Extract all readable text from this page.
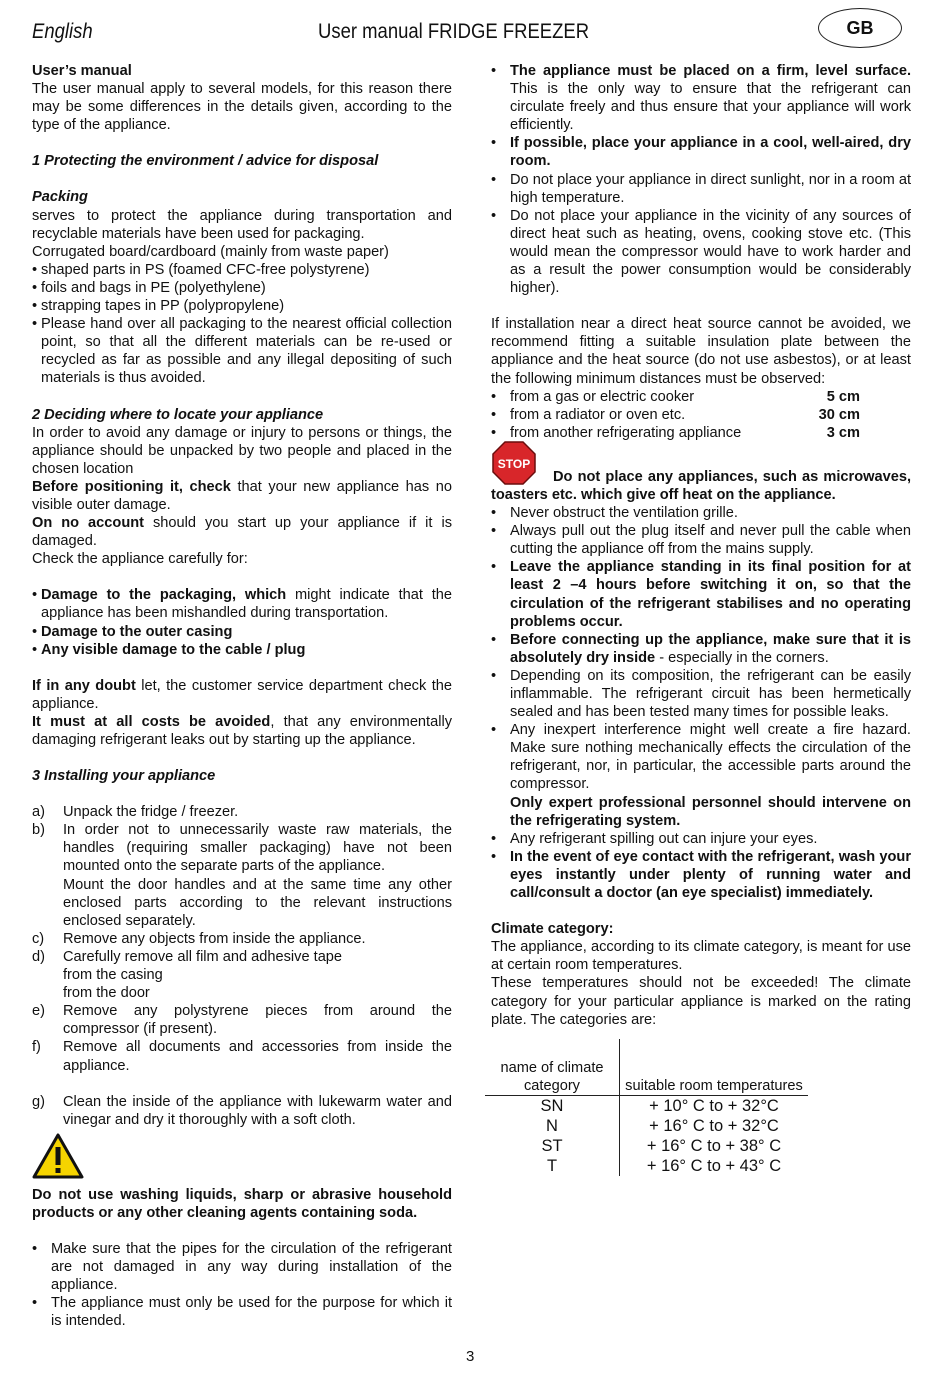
English	User manual FRIDGE FREEZER	GB

User’s manual

The user manual apply to several models, for this reason there may be some differences in the details given, according to the type of the appliance.

1 Protecting the environment / advice for disposal

Packing

serves to protect the appliance during transportation and recyclable materials have been used for packaging.

Corrugated board/cardboard (mainly from waste paper)

• shaped parts in PS (foamed CFC-free polystyrene)
• foils and bags in PE (polyethylene)
• strapping tapes in PP (polypropylene)
• Please hand over all packaging to the nearest official collection point, so that all the different materials can be re-used or recycled as far as possible and any illegal depositing of such materials is thus avoided.

2 Deciding where to locate your appliance

In order to avoid any damage or injury to persons or things, the appliance should be unpacked by two people and placed in the chosen location

Before positioning it, check that your new appliance has no visible outer damage.

On no account should you start up your appliance if it is damaged.

Check the appliance carefully for:

• Damage to the packaging, which might indicate that the appliance has been mishandled during transportation.
• Damage to the outer casing
• Any visible damage to the cable / plug

If in any doubt let, the customer service department check the appliance.

It must at all costs be avoided, that any environmentally damaging refrigerant leaks out by starting up the appliance.

3 Installing your appliance

a) Unpack the fridge / freezer.
b) In order not to unnecessarily waste raw materials, the handles (requiring smaller packaging) have not been mounted onto the separate parts of the appliance.
Mount the door handles and at the same time any other enclosed parts according to the relevant instructions enclosed separately.
c) Remove any objects from inside the appliance.
d) Carefully remove all film and adhesive tape
from the casing
from the door
e) Remove any polystyrene pieces from around the compressor (if present).
f) Remove all documents and accessories from inside the appliance.
g) Clean the inside of the appliance with lukewarm water and vinegar and dry it thoroughly with a soft cloth.

Do not use washing liquids, sharp or abrasive household products or any other cleaning agents containing soda.

• Make sure that the pipes for the circulation of the refrigerant are not damaged in any way during installation of the appliance.
• The appliance must only be used for the purpose for which it is intended.
• The appliance must be placed on a firm, level surface. This is the only way to ensure that the refrigerant can circulate freely and thus ensure that your appliance will work efficiently.
• If possible, place your appliance in a cool, well-aired, dry room.
• Do not place your appliance in direct sunlight, nor in a room at high temperature.
• Do not place your appliance in the vicinity of any sources of direct heat such as heating, ovens, cooking stove etc. (This would mean the compressor would have to work harder and as a result the power consumption would be considerably higher).

If installation near a direct heat source cannot be avoided, we recommend fitting a suitable insulation plate between the appliance and the heat source (do not use asbestos), or at least the following minimum distances must be observed:

• from a gas or electric cooker	5 cm
• from a radiator or oven etc.	30 cm
• from another refrigerating appliance	3 cm
STOP

Do not place any appliances, such as microwaves, toasters etc. which give off heat on the appliance.

• Never obstruct the ventilation grille.
• Always pull out the plug itself and never pull the cable when cutting the appliance off from the mains supply.
• Leave the appliance standing in its final position for at least 2 –4 hours before switching it on, so that the circulation of the refrigerant stabilises and no operating problems occur.
• Before connecting up the appliance, make sure that it is absolutely dry inside - especially in the corners.
• Depending on its composition, the refrigerant can be easily inflammable. The refrigerant circuit has been hermetically sealed and has been tested many times for possible leaks.
• Any inexpert interference might well create a fire hazard. Make sure nothing mechanically effects the circulation of the refrigerant, nor, in particular, the accessible parts around the compressor.
Only expert professional personnel should intervene on the refrigerating system.
• Any refrigerant spilling out can injure your eyes.
• In the event of eye contact with the refrigerant, wash your eyes instantly under plenty of running water and call/consult a doctor (an eye specialist) immediately.

Climate category:

The appliance, according to its climate category, is meant for use at certain room temperatures.

These temperatures should not be exceeded! The climate category for your particular appliance is marked on the rating plate. The categories are:

name of climate category	suitable room temperatures
SN	+ 10° C to + 32°C
N	+ 16° C to + 32°C
ST	+ 16° C to + 38° C
T	+ 16° C to + 43° C
3
